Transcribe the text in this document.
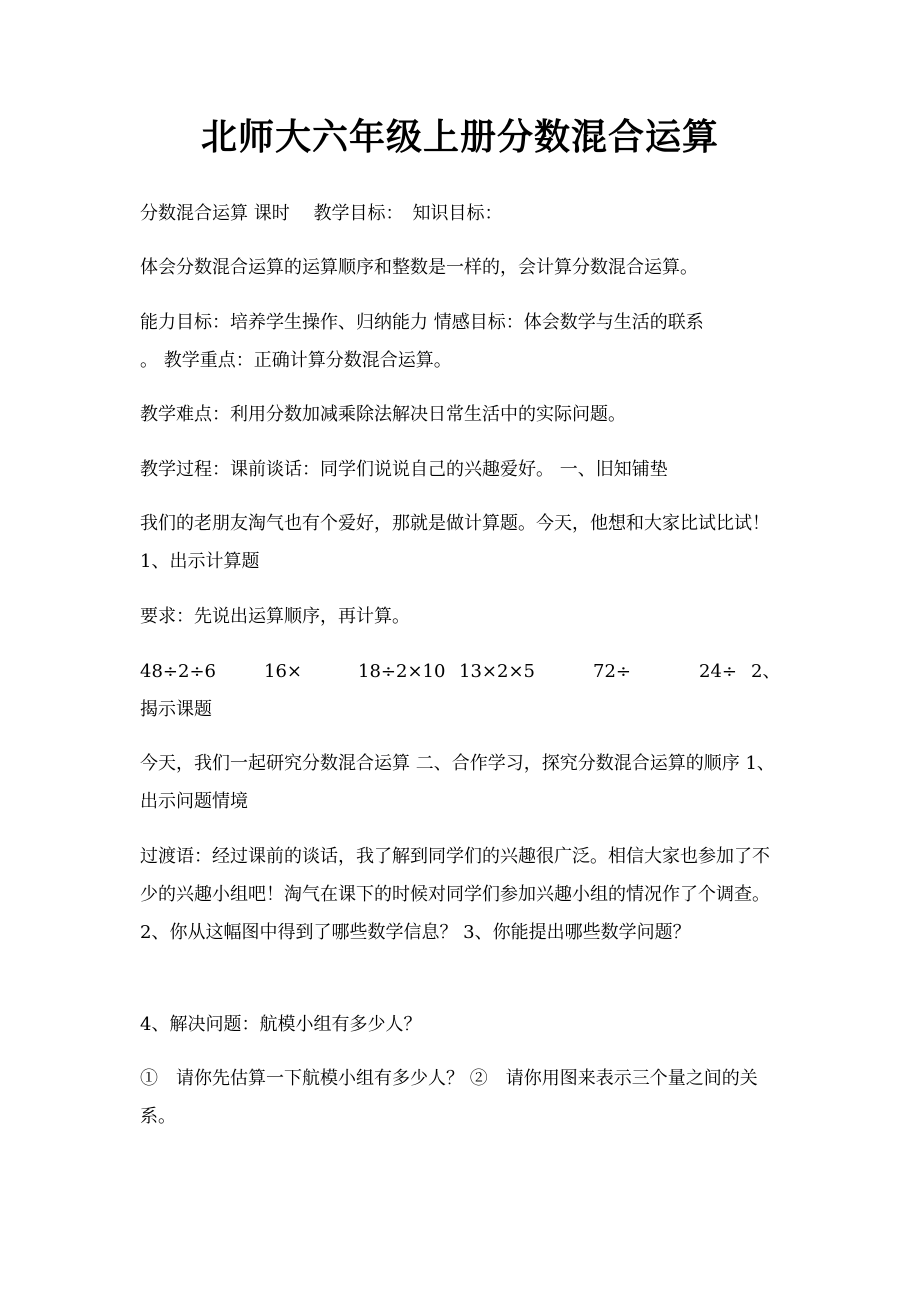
北师大六年级上册分数混合运算

分数混合运算 课时　 教学目标：　知识目标：

体会分数混合运算的运算顺序和整数是一样的，会计算分数混合运算。

能力目标：培养学生操作、归纳能力 情感目标：体会数学与生活的联系

。 教学重点：正确计算分数混合运算。

教学难点：利用分数加减乘除法解决日常生活中的实际问题。

教学过程：课前谈话：同学们说说自己的兴趣爱好。 一、旧知铺垫

我们的老朋友淘气也有个爱好，那就是做计算题。今天，他想和大家比试比试！ 1、出示计算题

要求：先说出运算顺序，再计算。

48÷2÷6	16×	18÷2×10 13×2×5	72÷	24÷ 2、

揭示课题

今天，我们一起研究分数混合运算 二、合作学习，探究分数混合运算的顺序 1、出示问题情境

过渡语：经过课前的谈话，我了解到同学们的兴趣很广泛。相信大家也参加了不少的兴趣小组吧！淘气在课下的时候对同学们参加兴趣小组的情况作了个调查。 2、你从这幅图中得到了哪些数学信息？ 3、你能提出哪些数学问题？

4、解决问题：航模小组有多少人？

①　请你先估算一下航模小组有多少人？ ②　请你用图来表示三个量之间的关系。
